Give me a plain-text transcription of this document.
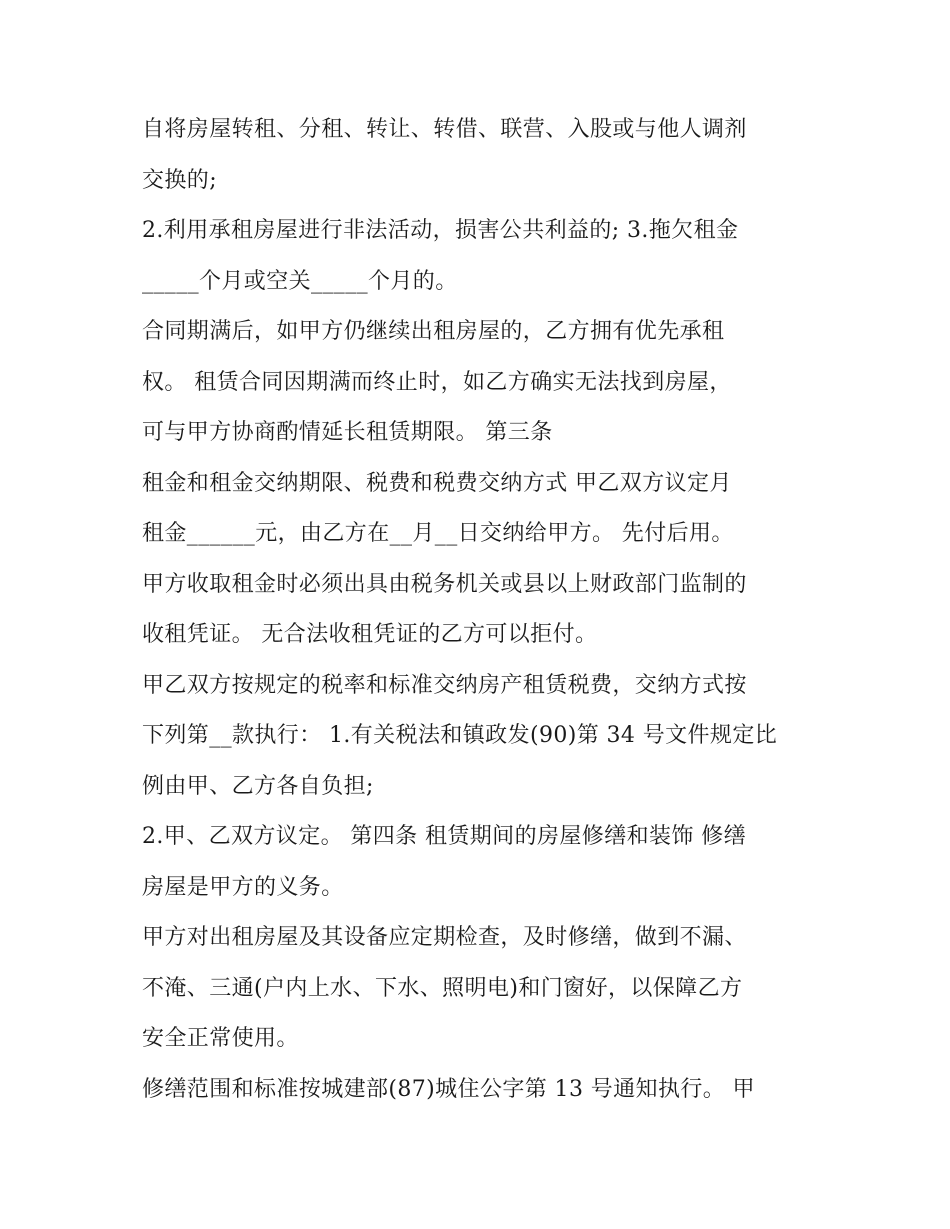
自将房屋转租、分租、转让、转借、联营、入股或与他人调剂

交换的;

2.利用承租房屋进行非法活动，损害公共利益的; 3.拖欠租金

_____个月或空关_____个月的。

合同期满后，如甲方仍继续出租房屋的，乙方拥有优先承租

权。 租赁合同因期满而终止时，如乙方确实无法找到房屋，

可与甲方协商酌情延长租赁期限。 第三条

租金和租金交纳期限、税费和税费交纳方式 甲乙双方议定月

租金______元，由乙方在__月__日交纳给甲方。 先付后用。

甲方收取租金时必须出具由税务机关或县以上财政部门监制的

收租凭证。 无合法收租凭证的乙方可以拒付。

甲乙双方按规定的税率和标准交纳房产租赁税费，交纳方式按

下列第__款执行： 1.有关税法和镇政发(90)第 34 号文件规定比

例由甲、乙方各自负担;

2.甲、乙双方议定。 第四条 租赁期间的房屋修缮和装饰 修缮

房屋是甲方的义务。

甲方对出租房屋及其设备应定期检查，及时修缮，做到不漏、

不淹、三通(户内上水、下水、照明电)和门窗好，以保障乙方

安全正常使用。

修缮范围和标准按城建部(87)城住公字第 13 号通知执行。 甲
